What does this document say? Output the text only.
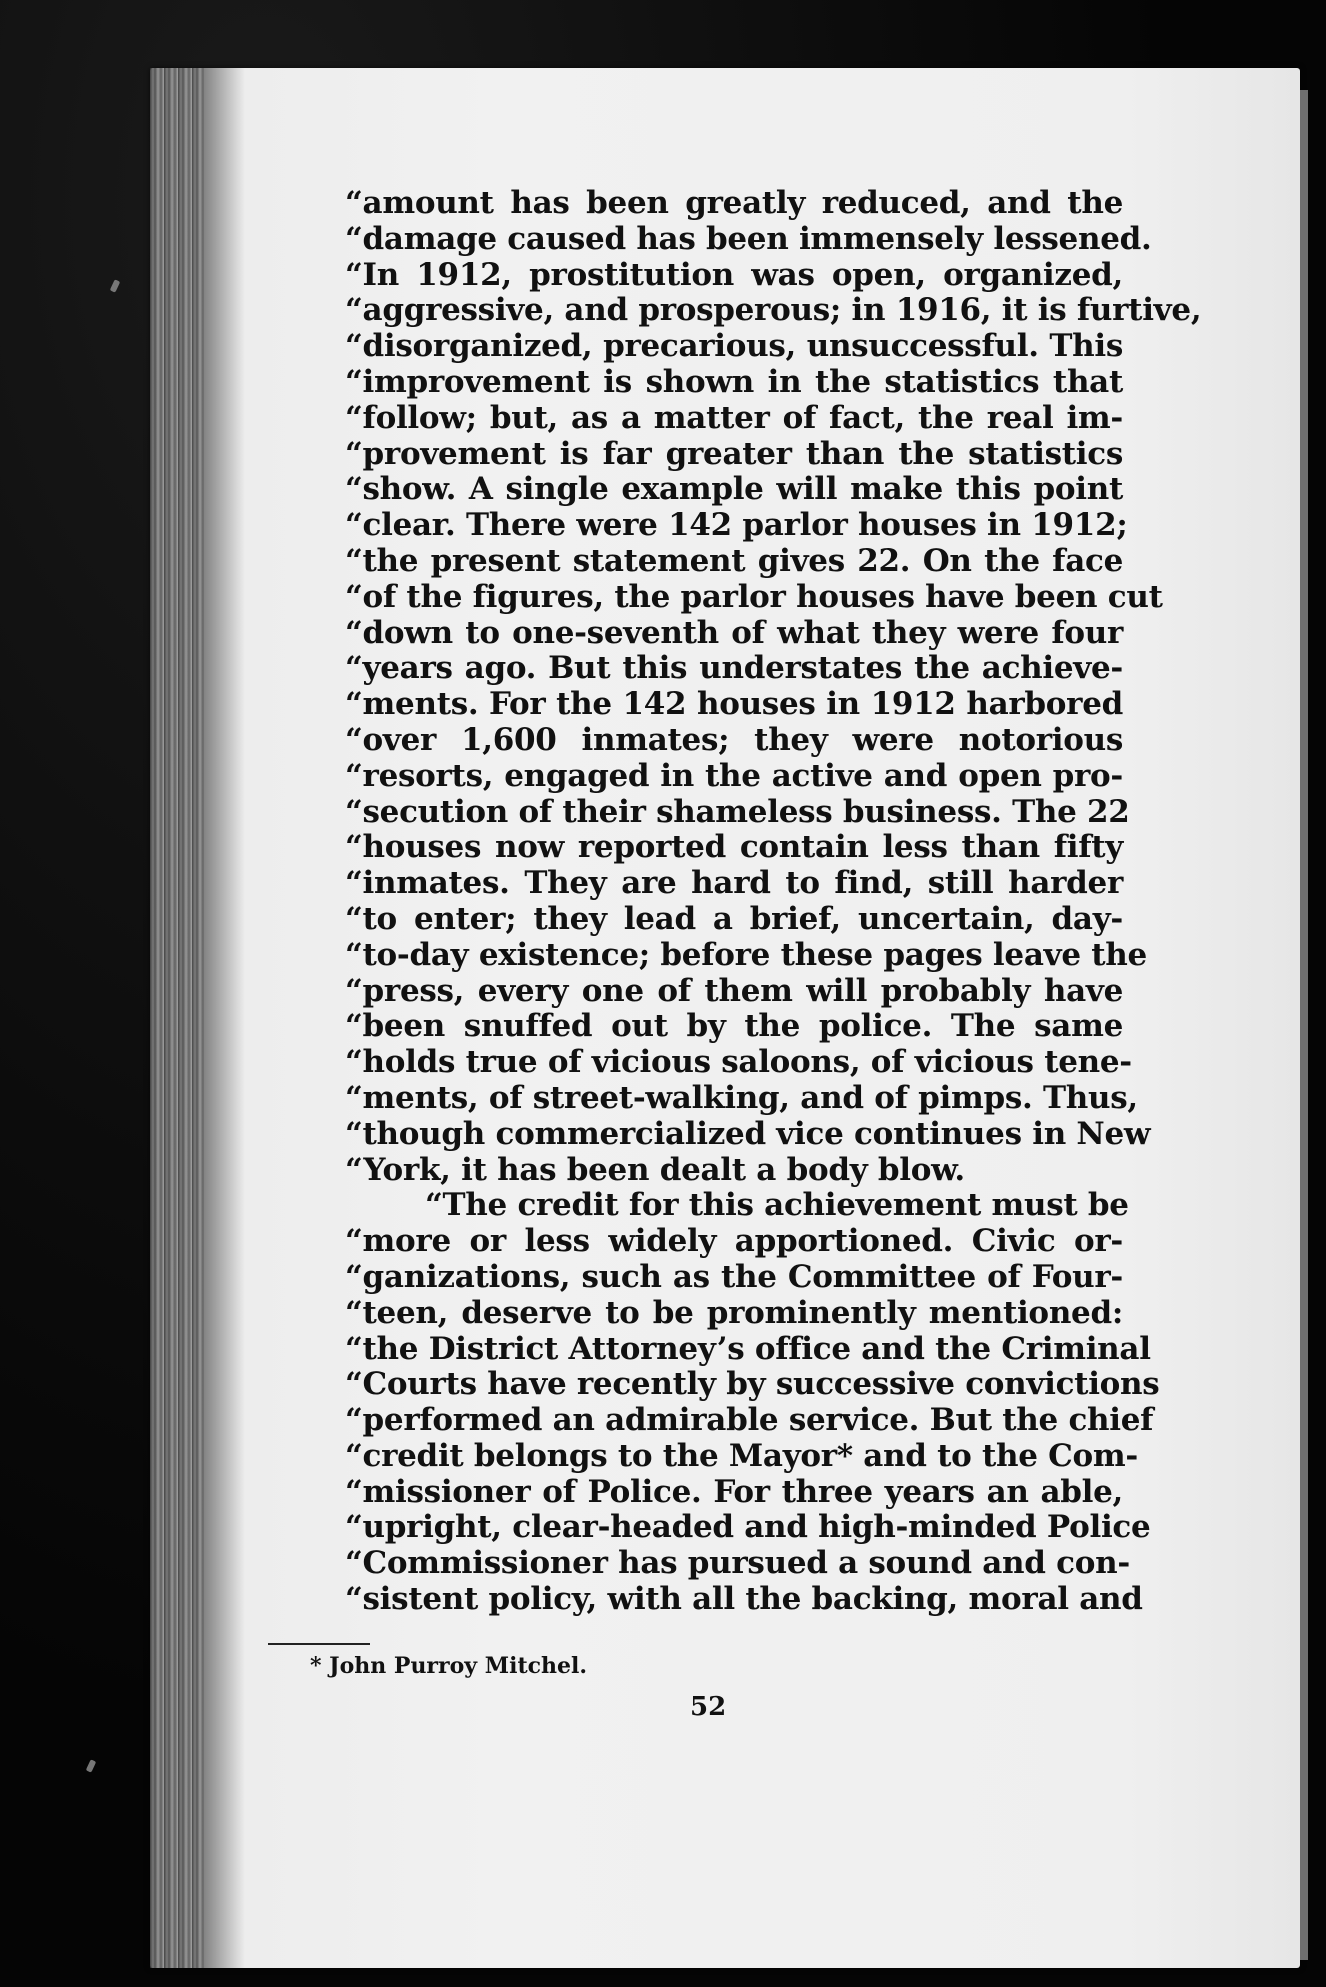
“amount has been greatly reduced, and the
“damage caused has been immensely lessened.
“In 1912, prostitution was open, organized,
“aggressive, and prosperous; in 1916, it is furtive,
“disorganized, precarious, unsuccessful. This
“improvement is shown in the statistics that
“follow; but, as a matter of fact, the real im-
“provement is far greater than the statistics
“show. A single example will make this point
“clear. There were 142 parlor houses in 1912;
“the present statement gives 22. On the face
“of the figures, the parlor houses have been cut
“down to one-seventh of what they were four
“years ago. But this understates the achieve-
“ments. For the 142 houses in 1912 harbored
“over 1,600 inmates; they were notorious
“resorts, engaged in the active and open pro-
“secution of their shameless business. The 22
“houses now reported contain less than fifty
“inmates. They are hard to find, still harder
“to enter; they lead a brief, uncertain, day-
“to-day existence; before these pages leave the
“press, every one of them will probably have
“been snuffed out by the police. The same
“holds true of vicious saloons, of vicious tene-
“ments, of street-walking, and of pimps. Thus,
“though commercialized vice continues in New
“York, it has been dealt a body blow.
“The credit for this achievement must be
“more or less widely apportioned. Civic or-
“ganizations, such as the Committee of Four-
“teen, deserve to be prominently mentioned:
“the District Attorney’s office and the Criminal
“Courts have recently by successive convictions
“performed an admirable service. But the chief
“credit belongs to the Mayor* and to the Com-
“missioner of Police. For three years an able,
“upright, clear-headed and high-minded Police
“Commissioner has pursued a sound and con-
“sistent policy, with all the backing, moral and
* John Purroy Mitchel.
52
